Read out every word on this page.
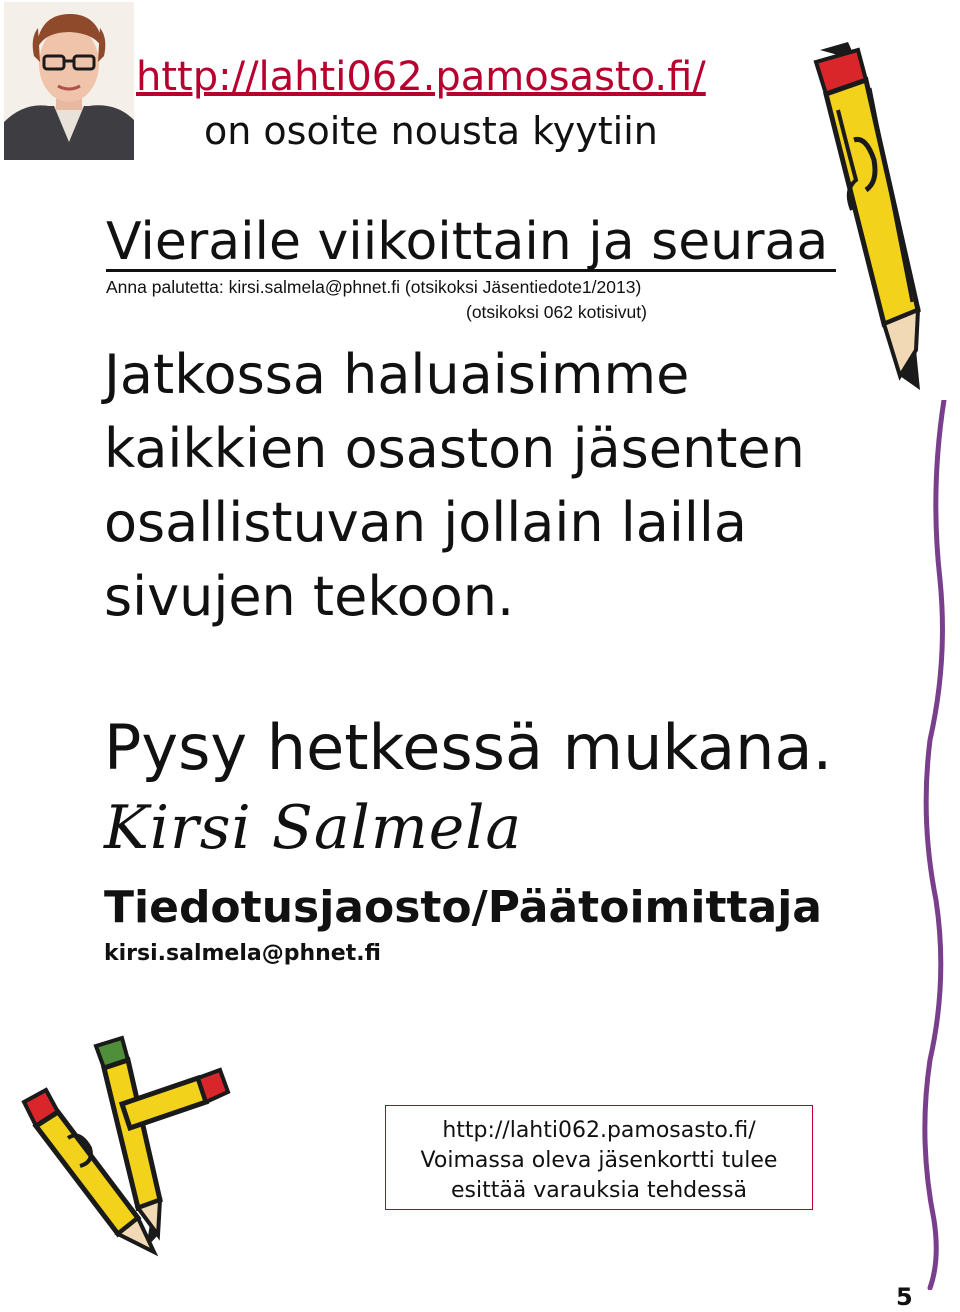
http://lahti062.pamosasto.fi/
on osoite nousta kyytiin
Vieraile viikoittain ja seuraa
Anna palutetta: kirsi.salmela@phnet.fi (otsikoksi Jäsentiedote1/2013)
(otsikoksi 062 kotisivut)

Jatkossa haluaisimme
kaikkien osaston jäsenten
osallistuvan jollain lailla
sivujen tekoon.

Pysy hetkessä mukana.
Kirsi Salmela
Tiedotusjaosto/Päätoimittaja
kirsi.salmela@phnet.fi
http://lahti062.pamosasto.fi/
Voimassa oleva jäsenkortti tulee
esittää varauksia tehdessä
5
